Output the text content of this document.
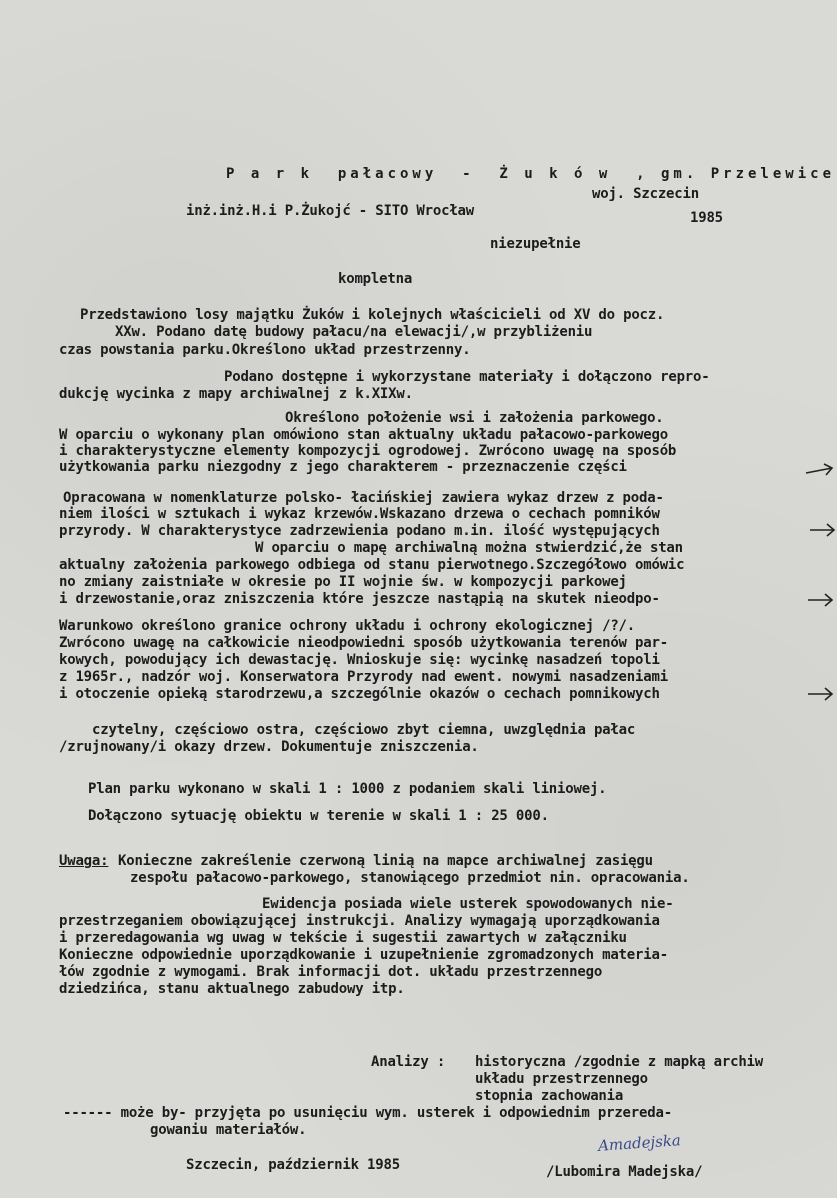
P a r k  pałacowy  -  Ż u k ó w  , gm. Przelewice
woj. Szczecin
inż.inż.H.i P.Żukojć - SITO Wrocław	1985
niezupełnie
kompletna
Przedstawiono losy majątku Żuków i kolejnych właścicieli od XV do pocz.
XXw. Podano datę budowy pałacu/na elewacji/,w przybliżeniu
czas powstania parku.Określono układ przestrzenny.
Podano dostępne i wykorzystane materiały i dołączono repro-
dukcję wycinka z mapy archiwalnej z k.XIXw.
Określono położenie wsi i założenia parkowego.
W oparciu o wykonany plan omówiono stan aktualny układu pałacowo-parkowego
i charakterystyczne elementy kompozycji ogrodowej. Zwrócono uwagę na sposób
użytkowania parku niezgodny z jego charakterem - przeznaczenie części
Opracowana w nomenklaturze polsko- łacińskiej zawiera wykaz drzew z poda-
niem ilości w sztukach i wykaz krzewów.Wskazano drzewa o cechach pomników
przyrody. W charakterystyce zadrzewienia podano m.in. ilość występujących
W oparciu o mapę archiwalną można stwierdzić,że stan
aktualny założenia parkowego odbiega od stanu pierwotnego.Szczegółowo omówic
no zmiany zaistniałe w okresie po II wojnie św. w kompozycji parkowej
i drzewostanie,oraz zniszczenia które jeszcze nastąpią na skutek nieodpo-
Warunkowo określono granice ochrony układu i ochrony ekologicznej /?/.
Zwrócono uwagę na całkowicie nieodpowiedni sposób użytkowania terenów par-
kowych, powodujący ich dewastację. Wnioskuje się: wycinkę nasadzeń topoli
z 1965r., nadzór woj. Konserwatora Przyrody nad ewent. nowymi nasadzeniami
i otoczenie opieką starodrzewu,a szczególnie okazów o cechach pomnikowych
czytelny, częściowo ostra, częściowo zbyt ciemna, uwzględnia pałac
/zrujnowany/i okazy drzew. Dokumentuje zniszczenia.
Plan parku wykonano w skali 1 : 1000 z podaniem skali liniowej.
Dołączono sytuację obiektu w terenie w skali 1 : 25 000.
Uwaga: Konieczne zakreślenie czerwoną linią na mapce archiwalnej zasięgu
zespołu pałacowo-parkowego, stanowiącego przedmiot nin. opracowania.
Ewidencja posiada wiele usterek spowodowanych nie-
przestrzeganiem obowiązującej instrukcji. Analizy wymagają uporządkowania
i przeredagowania wg uwag w tekście i sugestii zawartych w załączniku
Konieczne odpowiednie uporządkowanie i uzupełnienie zgromadzonych materia-
łów zgodnie z wymogami. Brak informacji dot. układu przestrzennego
dziedzińca, stanu aktualnego zabudowy itp.
Analizy : historyczna /zgodnie z mapką archiw
układu przestrzennego
stopnia zachowania
------ może by- przyjęta po usunięciu wym. usterek i odpowiednim przereda-
gowaniu materiałów.
Szczecin, październik 1985	/Lubomira Madejska/
Amadejska
